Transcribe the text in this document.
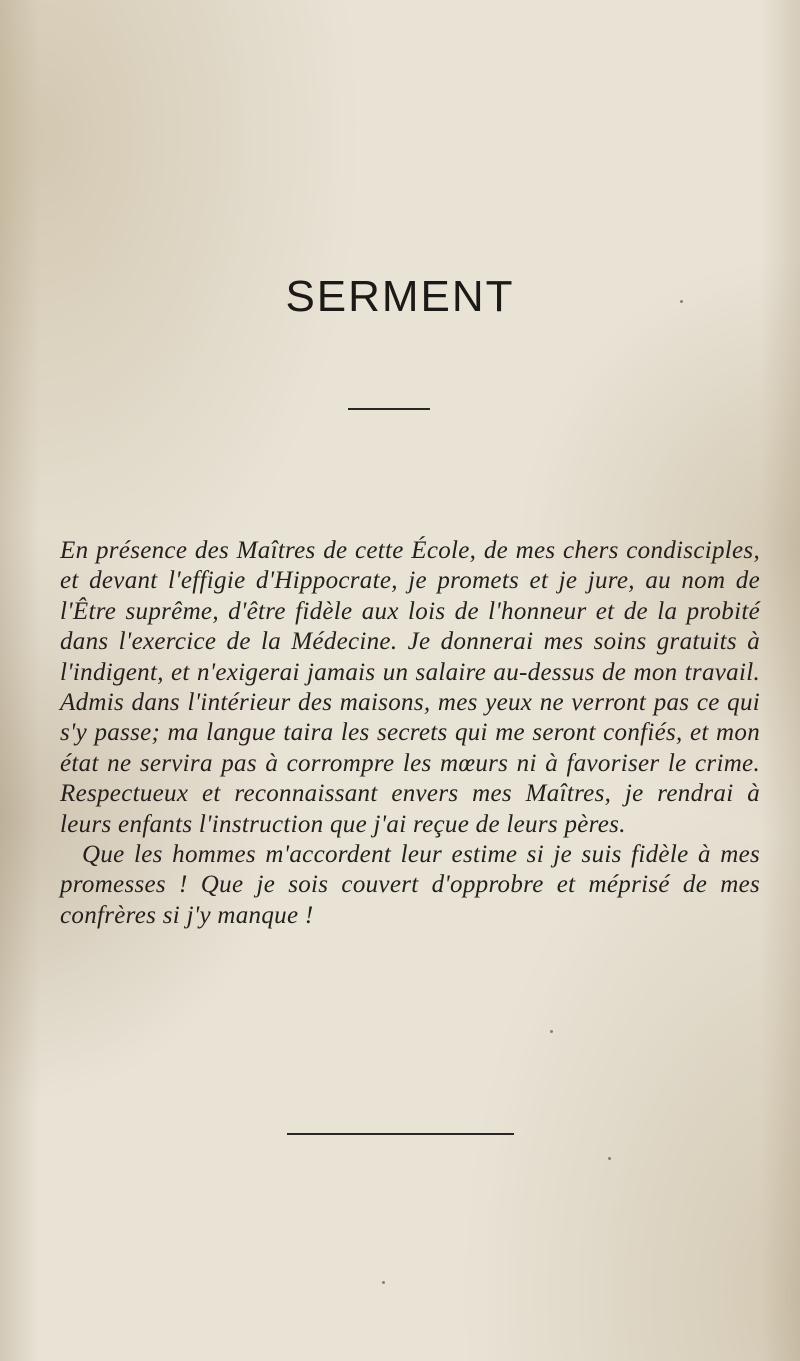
SERMENT

En présence des Maîtres de cette École, de mes chers condisciples, et devant l'effigie d'Hippocrate, je promets et je jure, au nom de l'Être suprême, d'être fidèle aux lois de l'honneur et de la probité dans l'exercice de la Médecine. Je donnerai mes soins gratuits à l'indigent, et n'exigerai jamais un salaire au-dessus de mon travail. Admis dans l'intérieur des maisons, mes yeux ne verront pas ce qui s'y passe; ma langue taira les secrets qui me seront confiés, et mon état ne servira pas à corrompre les mœurs ni à favoriser le crime. Respectueux et reconnaissant envers mes Maîtres, je rendrai à leurs enfants l'instruction que j'ai reçue de leurs pères.

Que les hommes m'accordent leur estime si je suis fidèle à mes promesses ! Que je sois couvert d'opprobre et méprisé de mes confrères si j'y manque !
